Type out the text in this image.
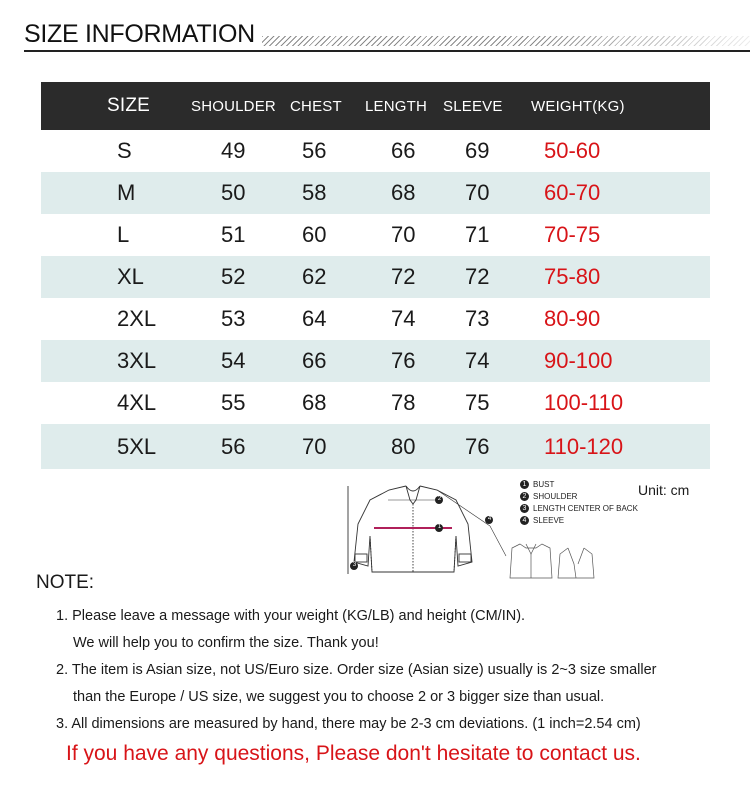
SIZE INFORMATION
SIZE	SHOULDER CHEST LENGTH SLEEVE WEIGHT(KG)
S	49	56	66 69 50-60
M	50	58	68 70 60-70
L	51	60	70 71 70-75
XL	52	62	72 72 75-80
2XL	53	64	74 73 80-90
3XL	54	66	76 74 90-100
4XL	55	68	78 75 100-110
5XL	56	70	80 76 110-120
2
1
3
4
1 BUST
2 SHOULDER
3 LENGTH CENTER OF BACK
4 SLEEVE
Unit: cm
NOTE:
1. Please leave a message with your weight (KG/LB) and height (CM/IN).
We will help you to confirm the size. Thank you!
2. The item is Asian size, not US/Euro size. Order size (Asian size) usually is 2~3 size smaller
than the Europe / US size, we suggest you to choose 2 or 3 bigger size than usual.
3. All dimensions are measured by hand, there may be 2-3 cm deviations. (1 inch=2.54 cm)
If you have any questions, Please don't hesitate to contact us.
